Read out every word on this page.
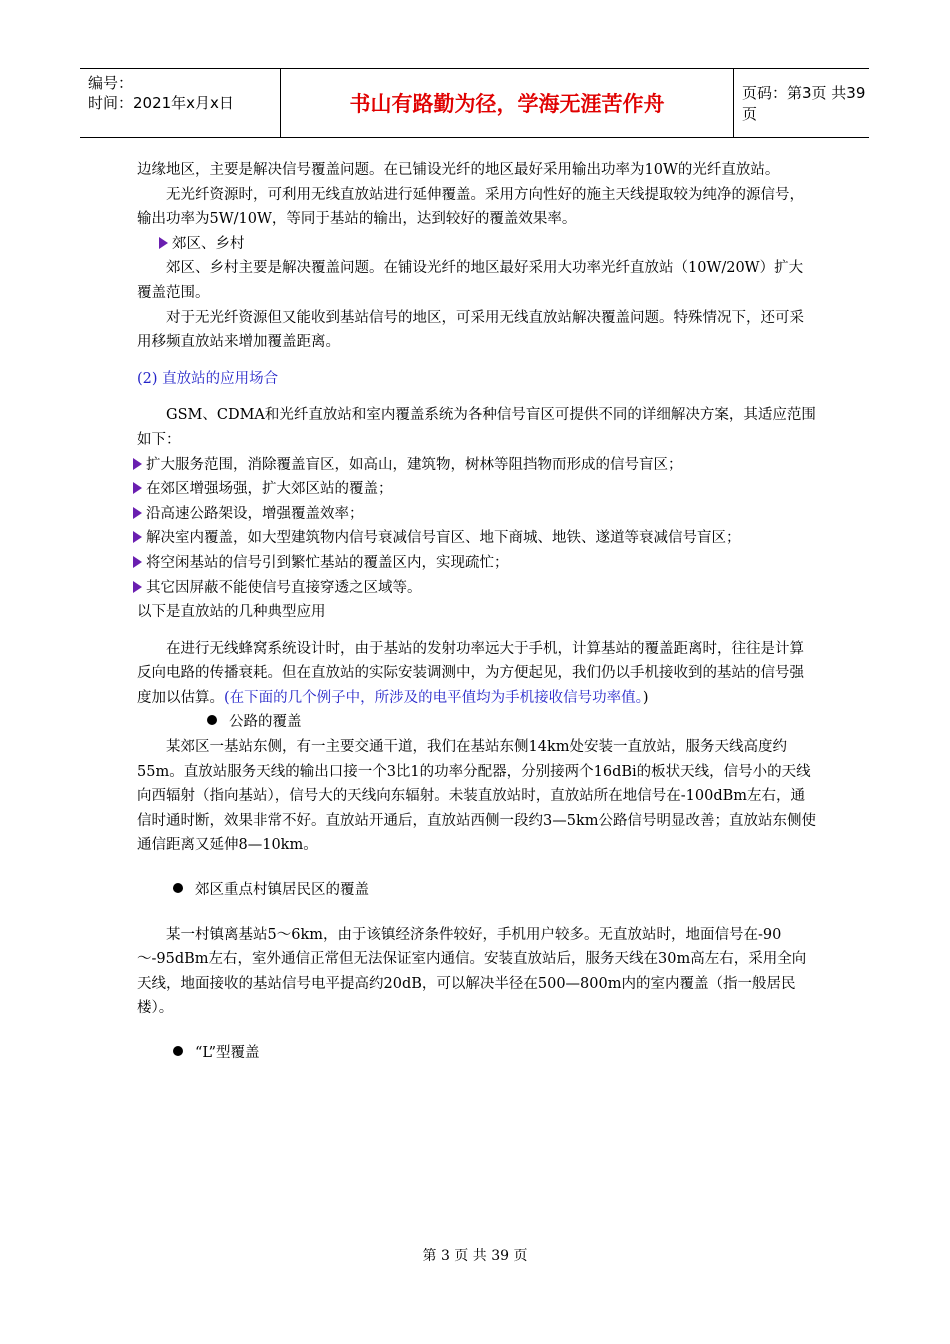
编号：
时间：2021年x月x日	书山有路勤为径，学海无涯苦作舟	页码：第3页 共39页

边缘地区，主要是解决信号覆盖问题。在已铺设光纤的地区最好采用输出功率为10W的光纤直放站。

无光纤资源时，可利用无线直放站进行延伸覆盖。采用方向性好的施主天线提取较为纯净的源信号，输出功率为5W/10W，等同于基站的输出，达到较好的覆盖效果率。

郊区、乡村

郊区、乡村主要是解决覆盖问题。在铺设光纤的地区最好采用大功率光纤直放站（10W/20W）扩大覆盖范围。

对于无光纤资源但又能收到基站信号的地区，可采用无线直放站解决覆盖问题。特殊情况下，还可采用移频直放站来增加覆盖距离。

(2) 直放站的应用场合

GSM、CDMA和光纤直放站和室内覆盖系统为各种信号盲区可提供不同的详细解决方案，其适应范围如下：

扩大服务范围，消除覆盖盲区，如高山，建筑物，树林等阻挡物而形成的信号盲区；

在郊区增强场强，扩大郊区站的覆盖；

沿高速公路架设，增强覆盖效率；

解决室内覆盖，如大型建筑物内信号衰减信号盲区、地下商城、地铁、遂道等衰减信号盲区；

将空闲基站的信号引到繁忙基站的覆盖区内，实现疏忙；

其它因屏蔽不能使信号直接穿透之区域等。

以下是直放站的几种典型应用

在进行无线蜂窝系统设计时，由于基站的发射功率远大于手机，计算基站的覆盖距离时，往往是计算反向电路的传播衰耗。但在直放站的实际安装调测中，为方便起见，我们仍以手机接收到的基站的信号强度加以估算。(在下面的几个例子中，所涉及的电平值均为手机接收信号功率值。)

公路的覆盖

某郊区一基站东侧，有一主要交通干道，我们在基站东侧14km处安装一直放站，服务天线高度约55m。直放站服务天线的输出口接一个3比1的功率分配器，分别接两个16dBi的板状天线，信号小的天线向西辐射（指向基站），信号大的天线向东辐射。未装直放站时，直放站所在地信号在-100dBm左右，通信时通时断，效果非常不好。直放站开通后，直放站西侧一段约3—5km公路信号明显改善；直放站东侧使通信距离又延伸8—10km。

郊区重点村镇居民区的覆盖

某一村镇离基站5～6km，由于该镇经济条件较好，手机用户较多。无直放站时，地面信号在-90～-95dBm左右，室外通信正常但无法保证室内通信。安装直放站后，服务天线在30m高左右，采用全向天线，地面接收的基站信号电平提高约20dB，可以解决半径在500—800m内的室内覆盖（指一般居民楼）。

“L”型覆盖

第 3 页 共 39 页
